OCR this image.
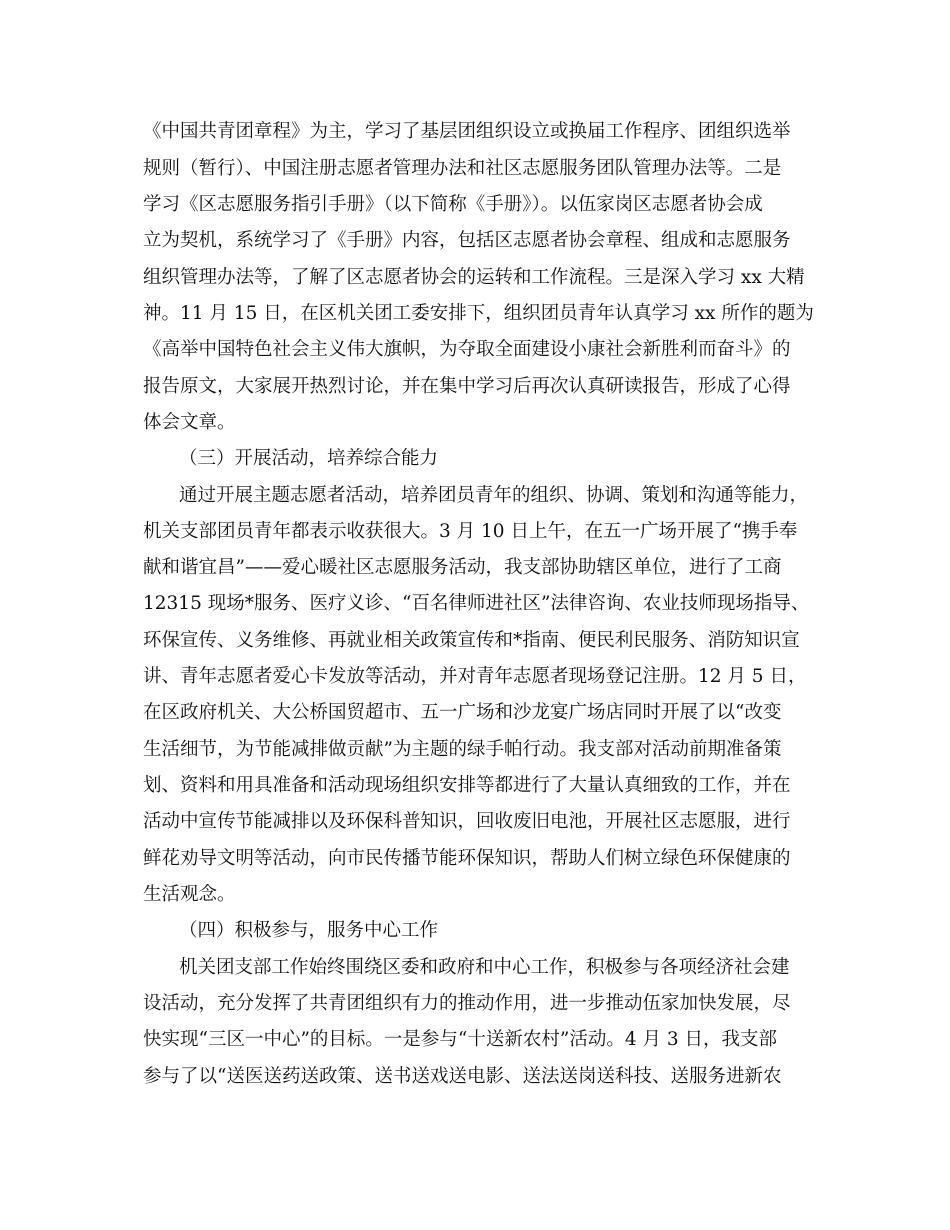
《中国共青团章程》为主，学习了基层团组织设立或换届工作程序、团组织选举
规则（暂行）、中国注册志愿者管理办法和社区志愿服务团队管理办法等。二是
学习《区志愿服务指引手册》（以下简称《手册》）。以伍家岗区志愿者协会成
立为契机，系统学习了《手册》内容，包括区志愿者协会章程、组成和志愿服务
组织管理办法等，了解了区志愿者协会的运转和工作流程。三是深入学习 xx 大精
神。11 月 15 日，在区机关团工委安排下，组织团员青年认真学习 xx 所作的题为
《高举中国特色社会主义伟大旗帜，为夺取全面建设小康社会新胜利而奋斗》的
报告原文，大家展开热烈讨论，并在集中学习后再次认真研读报告，形成了心得
体会文章。
（三）开展活动，培养综合能力
通过开展主题志愿者活动，培养团员青年的组织、协调、策划和沟通等能力，
机关支部团员青年都表示收获很大。3 月 10 日上午，在五一广场开展了“携手奉
献和谐宜昌”——爱心暖社区志愿服务活动，我支部协助辖区单位，进行了工商
12315 现场*服务、医疗义诊、“百名律师进社区”法律咨询、农业技师现场指导、
环保宣传、义务维修、再就业相关政策宣传和*指南、便民利民服务、消防知识宣
讲、青年志愿者爱心卡发放等活动，并对青年志愿者现场登记注册。12 月 5 日，
在区政府机关、大公桥国贸超市、五一广场和沙龙宴广场店同时开展了以“改变
生活细节，为节能减排做贡献”为主题的绿手帕行动。我支部对活动前期准备策
划、资料和用具准备和活动现场组织安排等都进行了大量认真细致的工作，并在
活动中宣传节能减排以及环保科普知识，回收废旧电池，开展社区志愿服，进行
鲜花劝导文明等活动，向市民传播节能环保知识，帮助人们树立绿色环保健康的
生活观念。
（四）积极参与，服务中心工作
机关团支部工作始终围绕区委和政府和中心工作，积极参与各项经济社会建
设活动，充分发挥了共青团组织有力的推动作用，进一步推动伍家加快发展，尽
快实现“三区一中心”的目标。一是参与“十送新农村”活动。4 月 3 日，我支部
参与了以“送医送药送政策、送书送戏送电影、送法送岗送科技、送服务进新农
